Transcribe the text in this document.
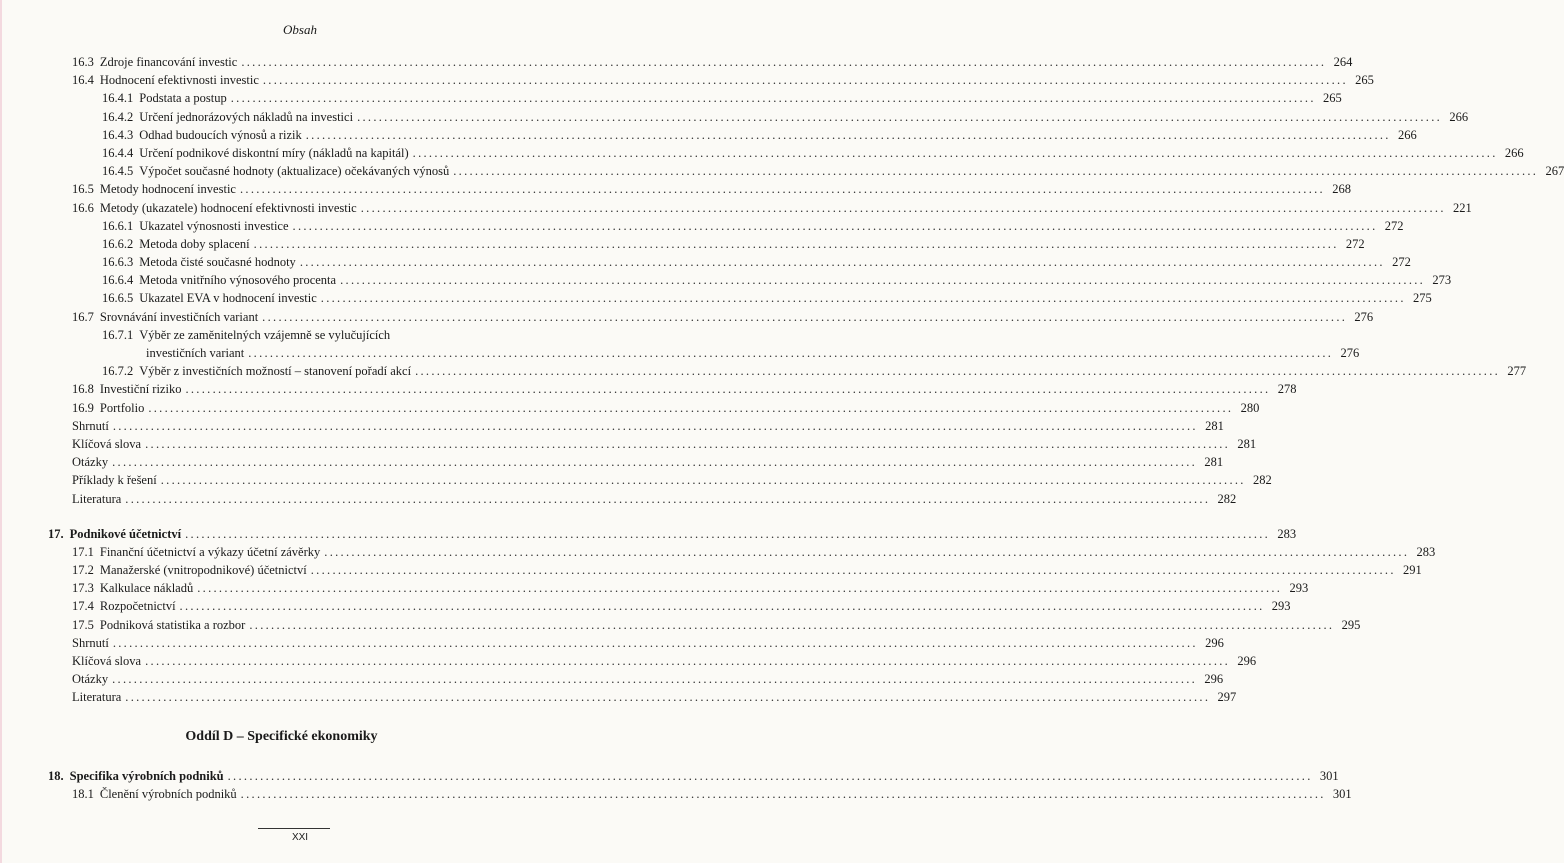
Obsah
16.3 Zdroje financování investic ........................................................................................................................................................................................................ 264
16.4 Hodnocení efektivnosti investic ........................................................................................................................................................................................................ 265
16.4.1 Podstata a postup ........................................................................................................................................................................................................ 265
16.4.2 Určení jednorázových nákladů na investici ........................................................................................................................................................................................................ 266
16.4.3 Odhad budoucích výnosů a rizik ........................................................................................................................................................................................................ 266
16.4.4 Určení podnikové diskontní míry (nákladů na kapitál) ........................................................................................................................................................................................................ 266
16.4.5 Výpočet současné hodnoty (aktualizace) očekávaných výnosů ........................................................................................................................................................................................................ 267
16.5 Metody hodnocení investic ........................................................................................................................................................................................................ 268
16.6 Metody (ukazatele) hodnocení efektivnosti investic ........................................................................................................................................................................................................ 221
16.6.1 Ukazatel výnosnosti investice ........................................................................................................................................................................................................ 272
16.6.2 Metoda doby splacení ........................................................................................................................................................................................................ 272
16.6.3 Metoda čisté současné hodnoty ........................................................................................................................................................................................................ 272
16.6.4 Metoda vnitřního výnosového procenta ........................................................................................................................................................................................................ 273
16.6.5 Ukazatel EVA v hodnocení investic ........................................................................................................................................................................................................ 275
16.7 Srovnávání investičních variant ........................................................................................................................................................................................................ 276
16.7.1 Výběr ze zaměnitelných vzájemně se vylučujících
investičních variant ........................................................................................................................................................................................................ 276
16.7.2 Výběr z investičních možností – stanovení pořadí akcí ........................................................................................................................................................................................................ 277
16.8 Investiční riziko ........................................................................................................................................................................................................ 278
16.9 Portfolio ........................................................................................................................................................................................................ 280
Shrnutí ........................................................................................................................................................................................................ 281
Klíčová slova ........................................................................................................................................................................................................ 281
Otázky ........................................................................................................................................................................................................ 281
Příklady k řešení ........................................................................................................................................................................................................ 282
Literatura ........................................................................................................................................................................................................ 282
17. Podnikové účetnictví ........................................................................................................................................................................................................ 283
17.1 Finanční účetnictví a výkazy účetní závěrky ........................................................................................................................................................................................................ 283
17.2 Manažerské (vnitropodnikové) účetnictví ........................................................................................................................................................................................................ 291
17.3 Kalkulace nákladů ........................................................................................................................................................................................................ 293
17.4 Rozpočetnictví ........................................................................................................................................................................................................ 293
17.5 Podniková statistika a rozbor ........................................................................................................................................................................................................ 295
Shrnutí ........................................................................................................................................................................................................ 296
Klíčová slova ........................................................................................................................................................................................................ 296
Otázky ........................................................................................................................................................................................................ 296
Literatura ........................................................................................................................................................................................................ 297
Oddíl D – Specifické ekonomiky
18. Specifika výrobních podniků ........................................................................................................................................................................................................ 301
18.1 Členění výrobních podniků ........................................................................................................................................................................................................ 301
XXI
